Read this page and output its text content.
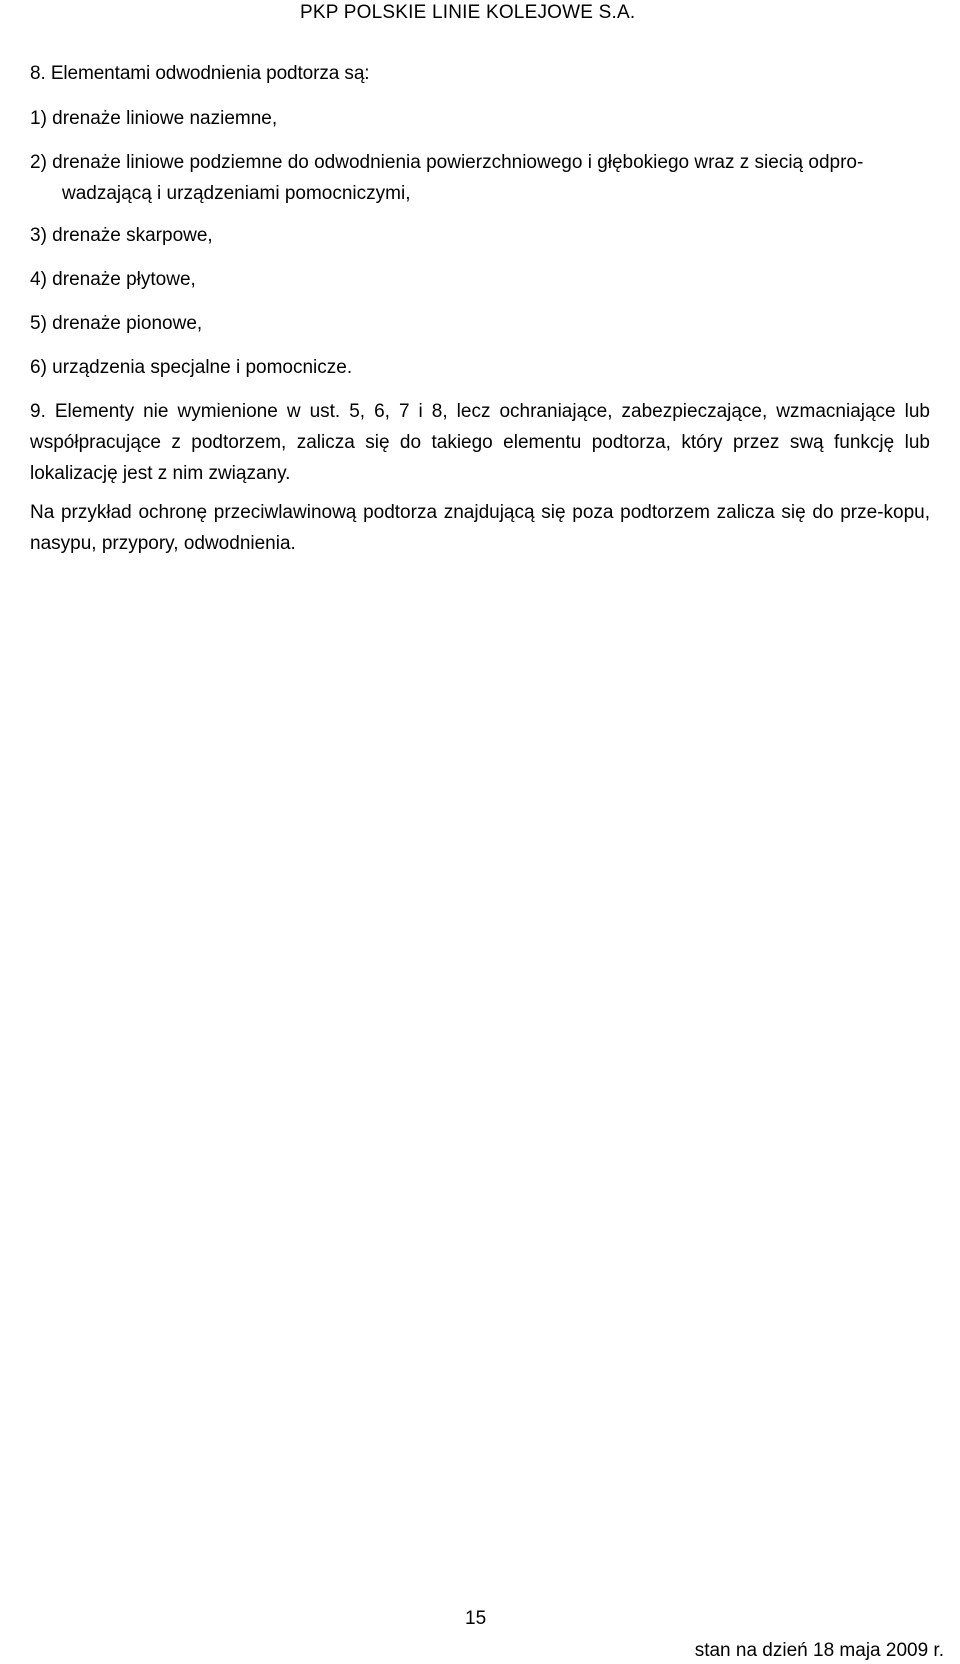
PKP POLSKIE LINIE KOLEJOWE S.A.
8. Elementami odwodnienia podtorza są:
1) drenaże liniowe naziemne,
2) drenaże liniowe podziemne do odwodnienia powierzchniowego i głębokiego wraz z siecią odpro-
wadzającą i urządzeniami pomocniczymi,
3) drenaże skarpowe,
4) drenaże płytowe,
5) drenaże pionowe,
6) urządzenia specjalne i pomocnicze.

9. Elementy nie wymienione w ust. 5, 6, 7 i 8, lecz ochraniające, zabezpieczające, wzmacniające lub współpracujące z podtorzem, zalicza się do takiego elementu podtorza, który przez swą funkcję lub lokalizację jest z nim związany.

Na przykład ochronę przeciwlawinową podtorza znajdującą się poza podtorzem zalicza się do prze-kopu, nasypu, przypory, odwodnienia.

15
stan na dzień 18 maja 2009 r.
